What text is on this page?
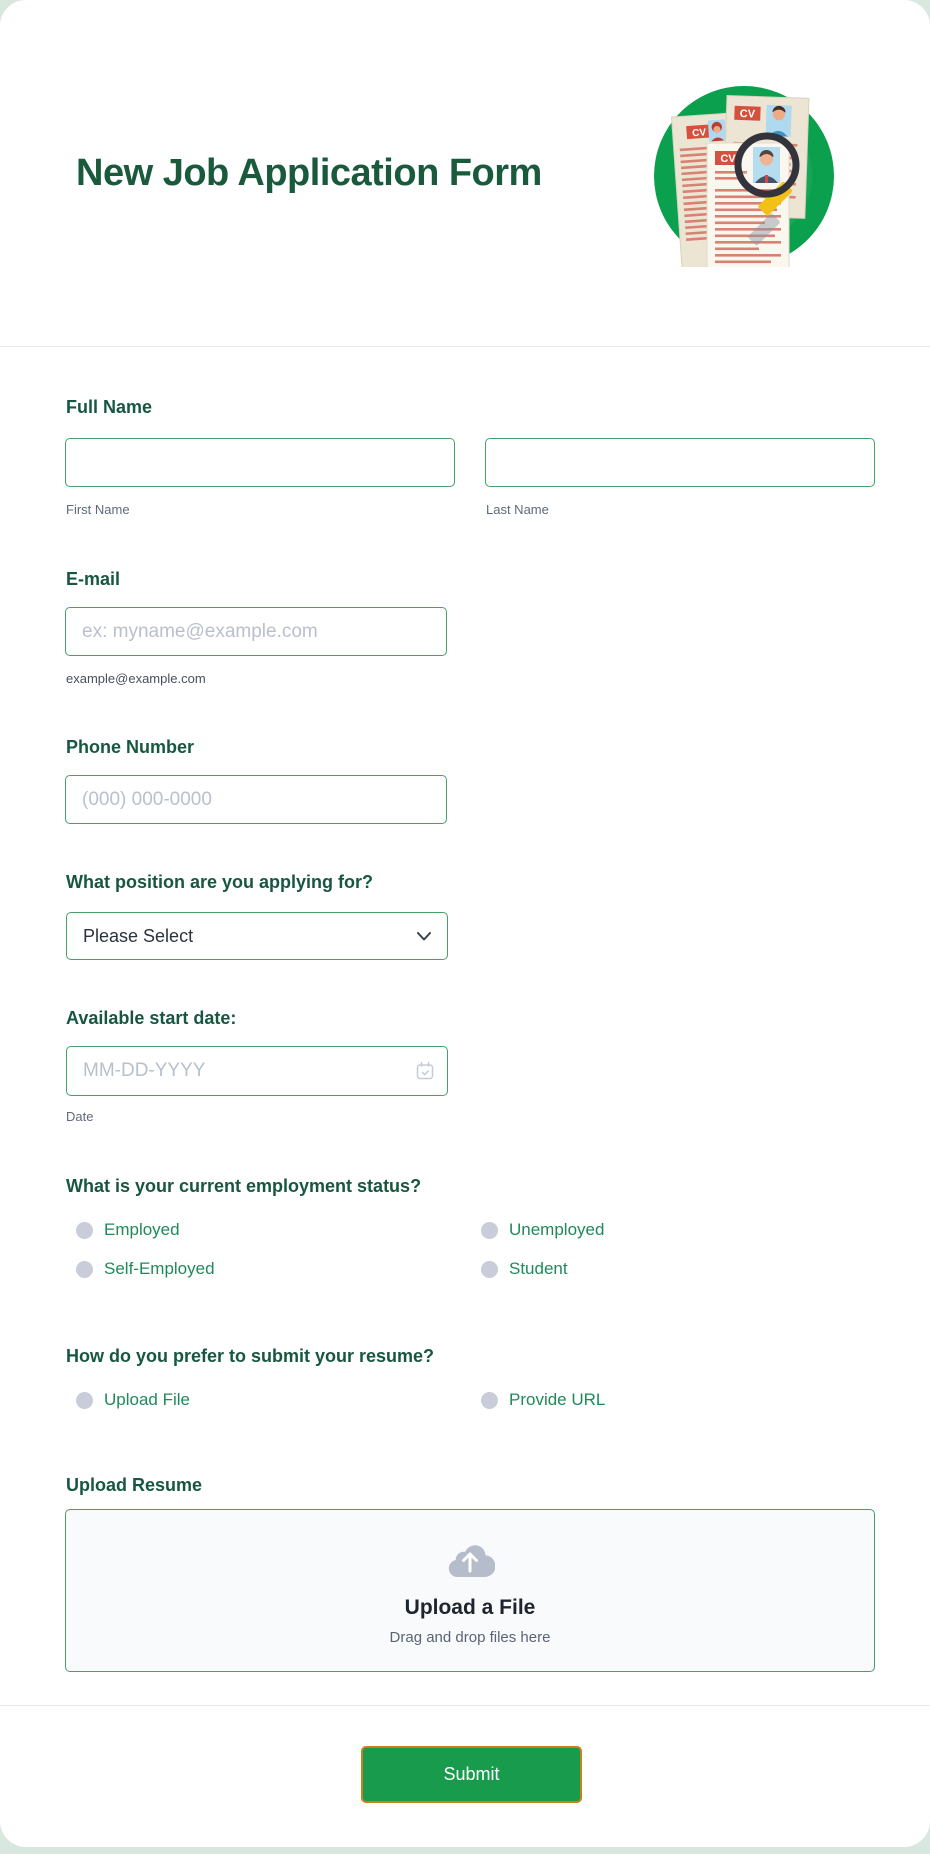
New Job Application Form
CV
CV
CV
Full Name
First Name	Last Name
E-mail
ex: myname@example.com
example@example.com
Phone Number
(000) 000-0000
What position are you applying for?
Please Select
Available start date:
MM-DD-YYYY
Date
What is your current employment status?
Employed	Unemployed
Self-Employed	Student
How do you prefer to submit your resume?
Upload File	Provide URL
Upload Resume
Upload a File
Drag and drop files here
Submit
